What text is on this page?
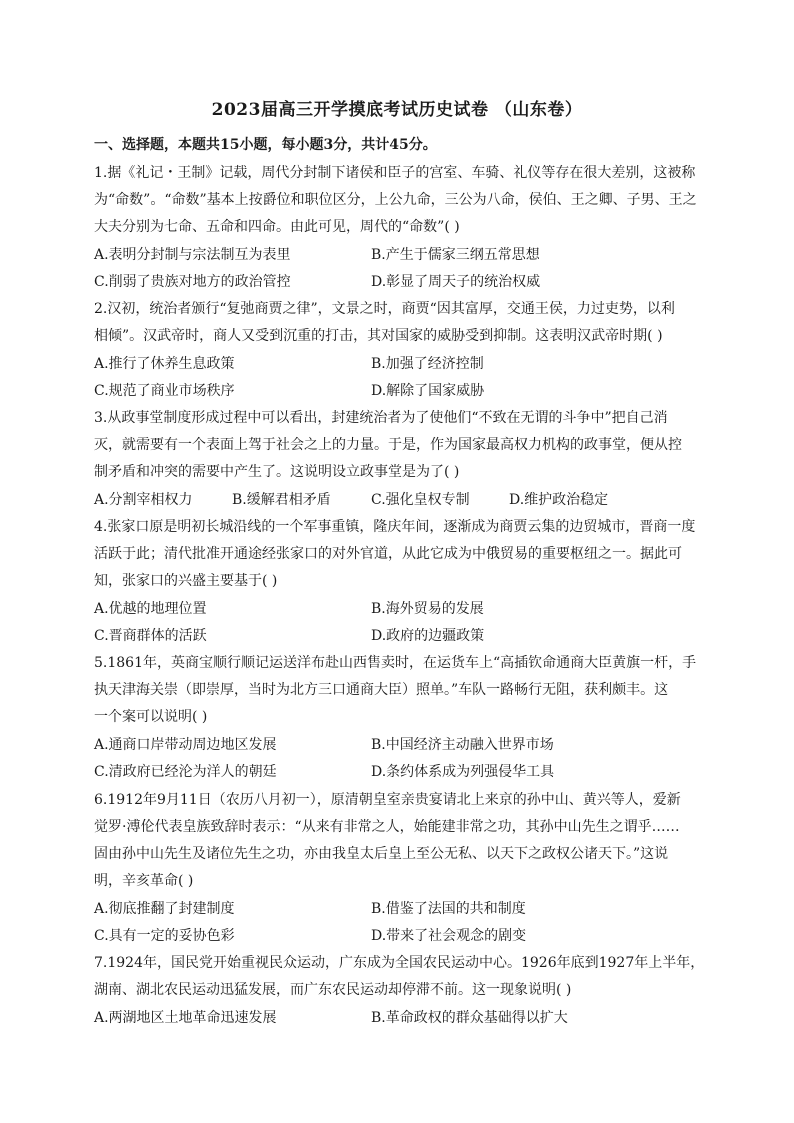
2023届高三开学摸底考试历史试卷 （山东卷）
一、选择题，本题共15小题，每小题3分，共计45分。
1.据《礼记・王制》记载，周代分封制下诸侯和臣子的宫室、车骑、礼仪等存在很大差别，这被称
为“命数”。“命数”基本上按爵位和职位区分，上公九命，三公为八命，侯伯、王之卿、子男、王之
大夫分别为七命、五命和四命。由此可见，周代的“命数”( )
A.表明分封制与宗法制互为表里	B.产生于儒家三纲五常思想
C.削弱了贵族对地方的政治管控	D.彰显了周天子的统治权威
2.汉初，统治者颁行“复弛商贾之律”，文景之时，商贾“因其富厚，交通王侯，力过吏势，以利
相倾”。汉武帝时，商人又受到沉重的打击，其对国家的威胁受到抑制。这表明汉武帝时期( )
A.推行了休养生息政策	B.加强了经济控制
C.规范了商业市场秩序	D.解除了国家威胁
3.从政事堂制度形成过程中可以看出，封建统治者为了使他们“不致在无谓的斗争中”把自己消
灭，就需要有一个表面上驾于社会之上的力量。于是，作为国家最高权力机构的政事堂，便从控
制矛盾和冲突的需要中产生了。这说明设立政事堂是为了( )
A.分割宰相权力	B.缓解君相矛盾	C.强化皇权专制	D.维护政治稳定
4.张家口原是明初长城沿线的一个军事重镇，隆庆年间，逐渐成为商贾云集的边贸城市，晋商一度
活跃于此；清代批准开通途经张家口的对外官道，从此它成为中俄贸易的重要枢纽之一。据此可
知，张家口的兴盛主要基于( )
A.优越的地理位置	B.海外贸易的发展
C.晋商群体的活跃	D.政府的边疆政策
5.1861年，英商宝顺行顺记运送洋布赴山西售卖时，在运货车上“高插钦命通商大臣黄旗一杆，手
执天津海关崇（即崇厚，当时为北方三口通商大臣）照单。”车队一路畅行无阻，获利颇丰。这
一个案可以说明( )
A.通商口岸带动周边地区发展	B.中国经济主动融入世界市场
C.清政府已经沦为洋人的朝廷	D.条约体系成为列强侵华工具
6.1912年9月11日（农历八月初一），原清朝皇室亲贵宴请北上来京的孙中山、黄兴等人，爱新
觉罗·溥伦代表皇族致辞时表示：“从来有非常之人，始能建非常之功，其孙中山先生之谓乎……
固由孙中山先生及诸位先生之功，亦由我皇太后皇上至公无私、以天下之政权公诸天下。”这说
明，辛亥革命( )
A.彻底推翻了封建制度	B.借鉴了法国的共和制度
C.具有一定的妥协色彩	D.带来了社会观念的剧变
7.1924年，国民党开始重视民众运动，广东成为全国农民运动中心。1926年底到1927年上半年，
湖南、湖北农民运动迅猛发展，而广东农民运动却停滞不前。这一现象说明( )
A.两湖地区土地革命迅速发展	B.革命政权的群众基础得以扩大
